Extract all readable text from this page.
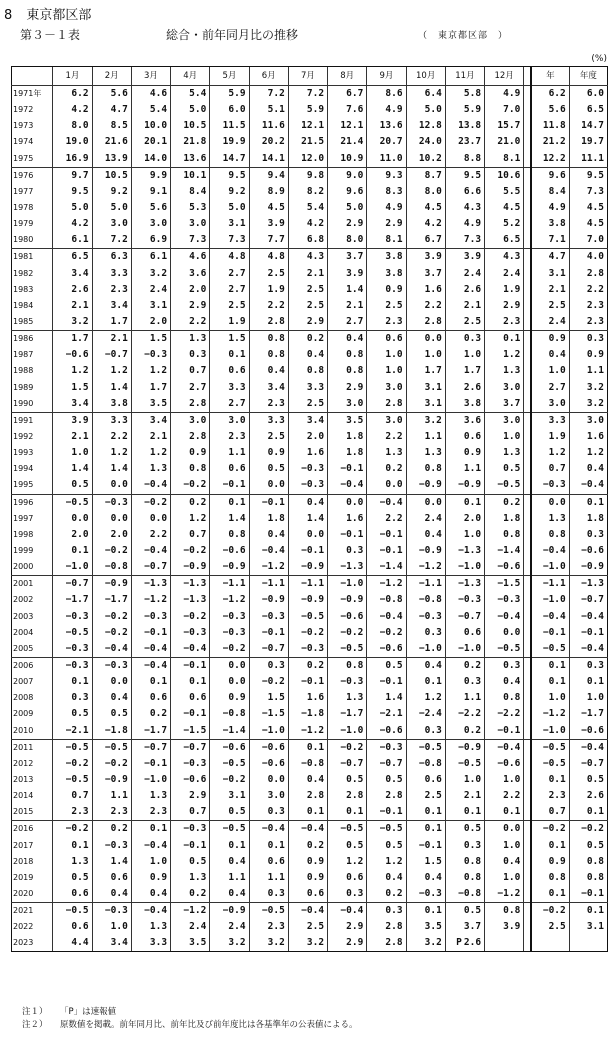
8 東京都区部
第３－１表	総合・前年同月比の推移	（　東京都区部　）
(%)
	1月	2月	3月	4月	5月	6月	7月	8月	9月	10月	11月	12月		年	年度
1971年	6.2	5.6	4.6	5.4	5.9	7.2	7.2	6.7	8.6	6.4	5.8	4.9		6.2	6.0
1972	4.2	4.7	5.4	5.0	6.0	5.1	5.9	7.6	4.9	5.0	5.9	7.0		5.6	6.5
1973	8.0	8.5	10.0	10.5	11.5	11.6	12.1	12.1	13.6	12.8	13.8	15.7		11.8	14.7
1974	19.0	21.6	20.1	21.8	19.9	20.2	21.5	21.4	20.7	24.0	23.7	21.0		21.2	19.7
1975	16.9	13.9	14.0	13.6	14.7	14.1	12.0	10.9	11.0	10.2	8.8	8.1		12.2	11.1
1976	9.7	10.5	9.9	10.1	9.5	9.4	9.8	9.0	9.3	8.7	9.5	10.6		9.6	9.5
1977	9.5	9.2	9.1	8.4	9.2	8.9	8.2	9.6	8.3	8.0	6.6	5.5		8.4	7.3
1978	5.0	5.0	5.6	5.3	5.0	4.5	5.4	5.0	4.9	4.5	4.3	4.5		4.9	4.5
1979	4.2	3.0	3.0	3.0	3.1	3.9	4.2	2.9	2.9	4.2	4.9	5.2		3.8	4.5
1980	6.1	7.2	6.9	7.3	7.3	7.7	6.8	8.0	8.1	6.7	7.3	6.5		7.1	7.0
1981	6.5	6.3	6.1	4.6	4.8	4.8	4.3	3.7	3.8	3.9	3.9	4.3		4.7	4.0
1982	3.4	3.3	3.2	3.6	2.7	2.5	2.1	3.9	3.8	3.7	2.4	2.4		3.1	2.8
1983	2.6	2.3	2.4	2.0	2.7	1.9	2.5	1.4	0.9	1.6	2.6	1.9		2.1	2.2
1984	2.1	3.4	3.1	2.9	2.5	2.2	2.5	2.1	2.5	2.2	2.1	2.9		2.5	2.3
1985	3.2	1.7	2.0	2.2	1.9	2.8	2.9	2.7	2.3	2.8	2.5	2.3		2.4	2.3
1986	1.7	2.1	1.5	1.3	1.5	0.8	0.2	0.4	0.6	0.0	0.3	0.1		0.9	0.3
1987	−0.6	−0.7	−0.3	0.3	0.1	0.8	0.4	0.8	1.0	1.0	1.0	1.2		0.4	0.9
1988	1.2	1.2	1.2	0.7	0.6	0.4	0.8	0.8	1.0	1.7	1.7	1.3		1.0	1.1
1989	1.5	1.4	1.7	2.7	3.3	3.4	3.3	2.9	3.0	3.1	2.6	3.0		2.7	3.2
1990	3.4	3.8	3.5	2.8	2.7	2.3	2.5	3.0	2.8	3.1	3.8	3.7		3.0	3.2
1991	3.9	3.3	3.4	3.0	3.0	3.3	3.4	3.5	3.0	3.2	3.6	3.0		3.3	3.0
1992	2.1	2.2	2.1	2.8	2.3	2.5	2.0	1.8	2.2	1.1	0.6	1.0		1.9	1.6
1993	1.0	1.2	1.2	0.9	1.1	0.9	1.6	1.8	1.3	1.3	0.9	1.3		1.2	1.2
1994	1.4	1.4	1.3	0.8	0.6	0.5	−0.3	−0.1	0.2	0.8	1.1	0.5		0.7	0.4
1995	0.5	0.0	−0.4	−0.2	−0.1	0.0	−0.3	−0.4	0.0	−0.9	−0.9	−0.5		−0.3	−0.4
1996	−0.5	−0.3	−0.2	0.2	0.1	−0.1	0.4	0.0	−0.4	0.0	0.1	0.2		0.0	0.1
1997	0.0	0.0	0.0	1.2	1.4	1.8	1.4	1.6	2.2	2.4	2.0	1.8		1.3	1.8
1998	2.0	2.0	2.2	0.7	0.8	0.4	0.0	−0.1	−0.1	0.4	1.0	0.8		0.8	0.3
1999	0.1	−0.2	−0.4	−0.2	−0.6	−0.4	−0.1	0.3	−0.1	−0.9	−1.3	−1.4		−0.4	−0.6
2000	−1.0	−0.8	−0.7	−0.9	−0.9	−1.2	−0.9	−1.3	−1.4	−1.2	−1.0	−0.6		−1.0	−0.9
2001	−0.7	−0.9	−1.3	−1.3	−1.1	−1.1	−1.1	−1.0	−1.2	−1.1	−1.3	−1.5		−1.1	−1.3
2002	−1.7	−1.7	−1.2	−1.3	−1.2	−0.9	−0.9	−0.9	−0.8	−0.8	−0.3	−0.3		−1.0	−0.7
2003	−0.3	−0.2	−0.3	−0.2	−0.3	−0.3	−0.5	−0.6	−0.4	−0.3	−0.7	−0.4		−0.4	−0.4
2004	−0.5	−0.2	−0.1	−0.3	−0.3	−0.1	−0.2	−0.2	−0.2	0.3	0.6	0.0		−0.1	−0.1
2005	−0.3	−0.4	−0.4	−0.4	−0.2	−0.7	−0.3	−0.5	−0.6	−1.0	−1.0	−0.5		−0.5	−0.4
2006	−0.3	−0.3	−0.4	−0.1	0.0	0.3	0.2	0.8	0.5	0.4	0.2	0.3		0.1	0.3
2007	0.1	0.0	0.1	0.1	0.0	−0.2	−0.1	−0.3	−0.1	0.1	0.3	0.4		0.1	0.1
2008	0.3	0.4	0.6	0.6	0.9	1.5	1.6	1.3	1.4	1.2	1.1	0.8		1.0	1.0
2009	0.5	0.5	0.2	−0.1	−0.8	−1.5	−1.8	−1.7	−2.1	−2.4	−2.2	−2.2		−1.2	−1.7
2010	−2.1	−1.8	−1.7	−1.5	−1.4	−1.0	−1.2	−1.0	−0.6	0.3	0.2	−0.1		−1.0	−0.6
2011	−0.5	−0.5	−0.7	−0.7	−0.6	−0.6	0.1	−0.2	−0.3	−0.5	−0.9	−0.4		−0.5	−0.4
2012	−0.2	−0.2	−0.1	−0.3	−0.5	−0.6	−0.8	−0.7	−0.7	−0.8	−0.5	−0.6		−0.5	−0.7
2013	−0.5	−0.9	−1.0	−0.6	−0.2	0.0	0.4	0.5	0.5	0.6	1.0	1.0		0.1	0.5
2014	0.7	1.1	1.3	2.9	3.1	3.0	2.8	2.8	2.8	2.5	2.1	2.2		2.3	2.6
2015	2.3	2.3	2.3	0.7	0.5	0.3	0.1	0.1	−0.1	0.1	0.1	0.1		0.7	0.1
2016	−0.2	0.2	0.1	−0.3	−0.5	−0.4	−0.4	−0.5	−0.5	0.1	0.5	0.0		−0.2	−0.2
2017	0.1	−0.3	−0.4	−0.1	0.1	0.1	0.2	0.5	0.5	−0.1	0.3	1.0		0.1	0.5
2018	1.3	1.4	1.0	0.5	0.4	0.6	0.9	1.2	1.2	1.5	0.8	0.4		0.9	0.8
2019	0.5	0.6	0.9	1.3	1.1	1.1	0.9	0.6	0.4	0.4	0.8	1.0		0.8	0.8
2020	0.6	0.4	0.4	0.2	0.4	0.3	0.6	0.3	0.2	−0.3	−0.8	−1.2		0.1	−0.1
2021	−0.5	−0.3	−0.4	−1.2	−0.9	−0.5	−0.4	−0.4	0.3	0.1	0.5	0.8		−0.2	0.1
2022	0.6	1.0	1.3	2.4	2.4	2.3	2.5	2.9	2.8	3.5	3.7	3.9		2.5	3.1
2023	4.4	3.4	3.3	3.5	3.2	3.2	3.2	2.9	2.8	3.2	P 2.6				
注１） 「P」は速報値
注２） 原数値を掲載。前年同月比、前年比及び前年度比は各基準年の公表値による。
